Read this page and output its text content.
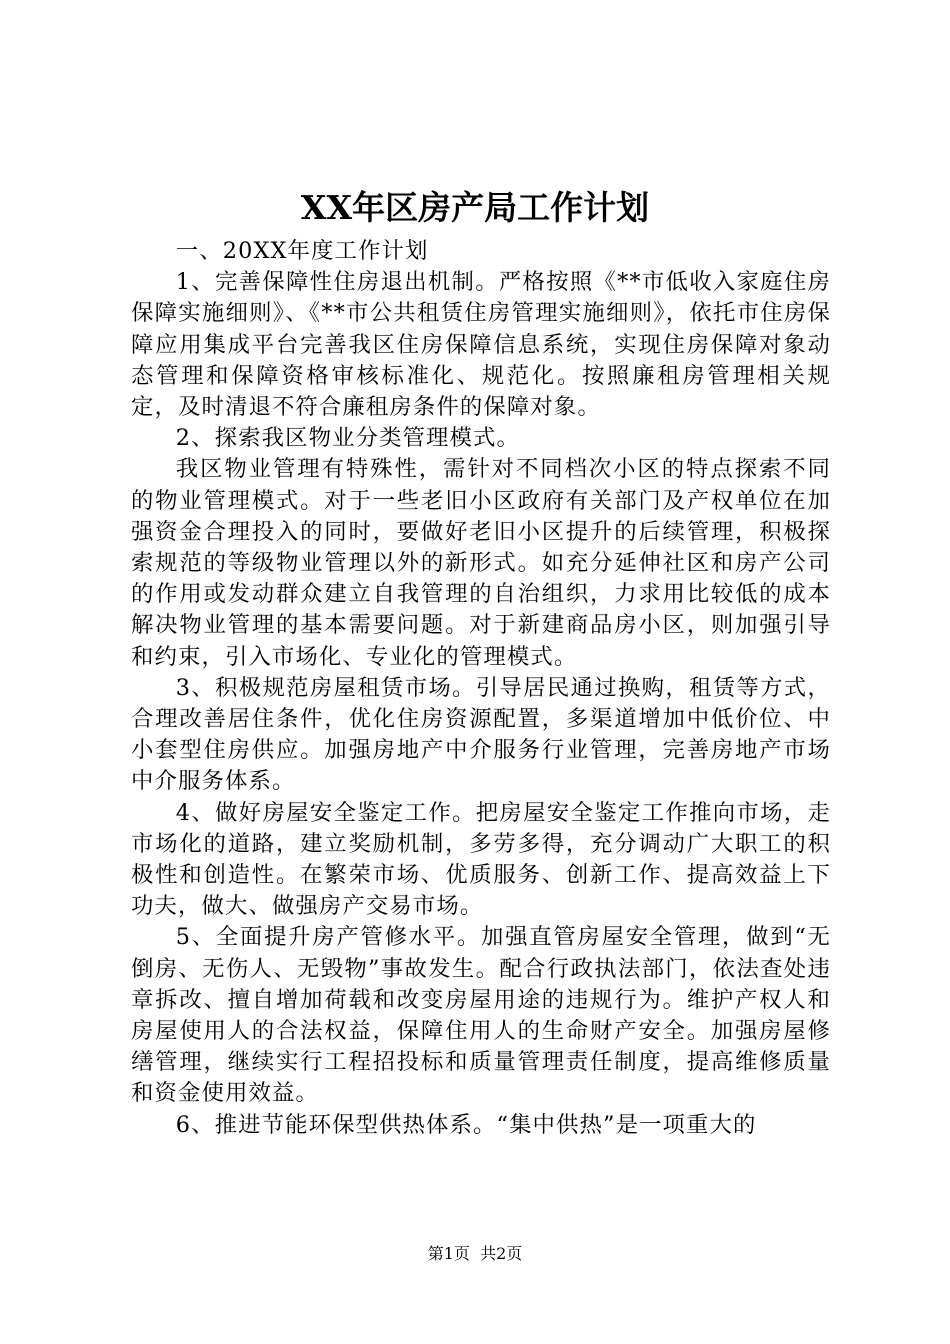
XX年区房产局工作计划

一、20XX年度工作计划

1、完善保障性住房退出机制。严格按照《**市低收入家庭住房保障实施细则》、《**市公共租赁住房管理实施细则》，依托市住房保障应用集成平台完善我区住房保障信息系统，实现住房保障对象动态管理和保障资格审核标准化、规范化。按照廉租房管理相关规定，及时清退不符合廉租房条件的保障对象。

2、探索我区物业分类管理模式。

我区物业管理有特殊性，需针对不同档次小区的特点探索不同的物业管理模式。对于一些老旧小区政府有关部门及产权单位在加强资金合理投入的同时，要做好老旧小区提升的后续管理，积极探索规范的等级物业管理以外的新形式。如充分延伸社区和房产公司的作用或发动群众建立自我管理的自治组织，力求用比较低的成本解决物业管理的基本需要问题。对于新建商品房小区，则加强引导和约束，引入市场化、专业化的管理模式。

3、积极规范房屋租赁市场。引导居民通过换购，租赁等方式，合理改善居住条件，优化住房资源配置，多渠道增加中低价位、中小套型住房供应。加强房地产中介服务行业管理，完善房地产市场中介服务体系。

4、做好房屋安全鉴定工作。把房屋安全鉴定工作推向市场，走市场化的道路，建立奖励机制，多劳多得，充分调动广大职工的积极性和创造性。在繁荣市场、优质服务、创新工作、提高效益上下功夫，做大、做强房产交易市场。

5、全面提升房产管修水平。加强直管房屋安全管理，做到“无倒房、无伤人、无毁物”事故发生。配合行政执法部门，依法查处违章拆改、擅自增加荷载和改变房屋用途的违规行为。维护产权人和房屋使用人的合法权益，保障住用人的生命财产安全。加强房屋修缮管理，继续实行工程招投标和质量管理责任制度，提高维修质量和资金使用效益。

6、推进节能环保型供热体系。“集中供热”是一项重大的

第1页  共2页
